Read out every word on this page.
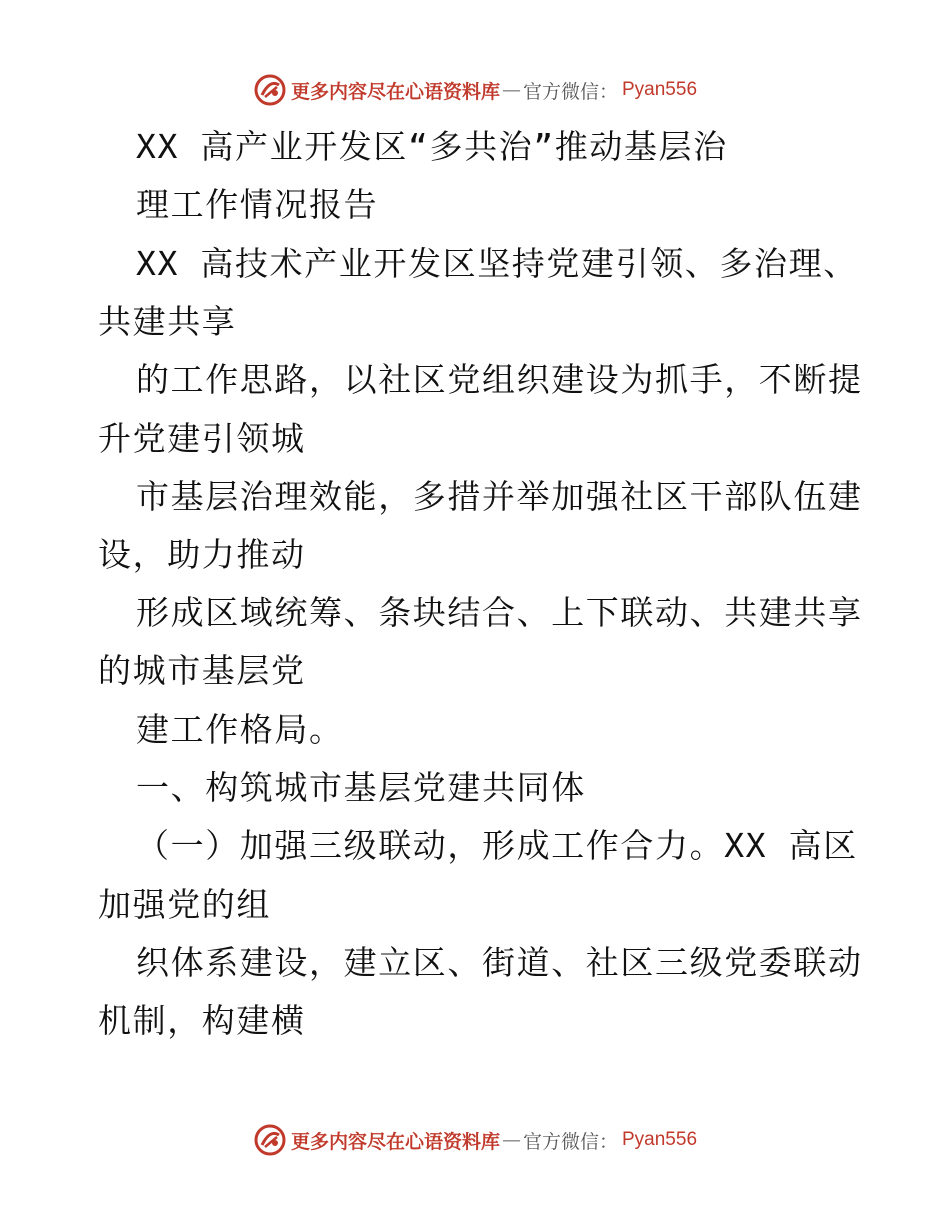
更多内容尽在心语资料库 — 官方微信： Pyan556
XX 高产业开发区“多共治”推动基层治
理工作情况报告
XX 高技术产业开发区坚持党建引领、多治理、
共建共享
的工作思路，以社区党组织建设为抓手，不断提
升党建引领城
市基层治理效能，多措并举加强社区干部队伍建
设，助力推动
形成区域统筹、条块结合、上下联动、共建共享
的城市基层党
建工作格局。
一、构筑城市基层党建共同体
（一）加强三级联动，形成工作合力。XX 高区
加强党的组
织体系建设，建立区、街道、社区三级党委联动
机制，构建横
更多内容尽在心语资料库 — 官方微信： Pyan556
